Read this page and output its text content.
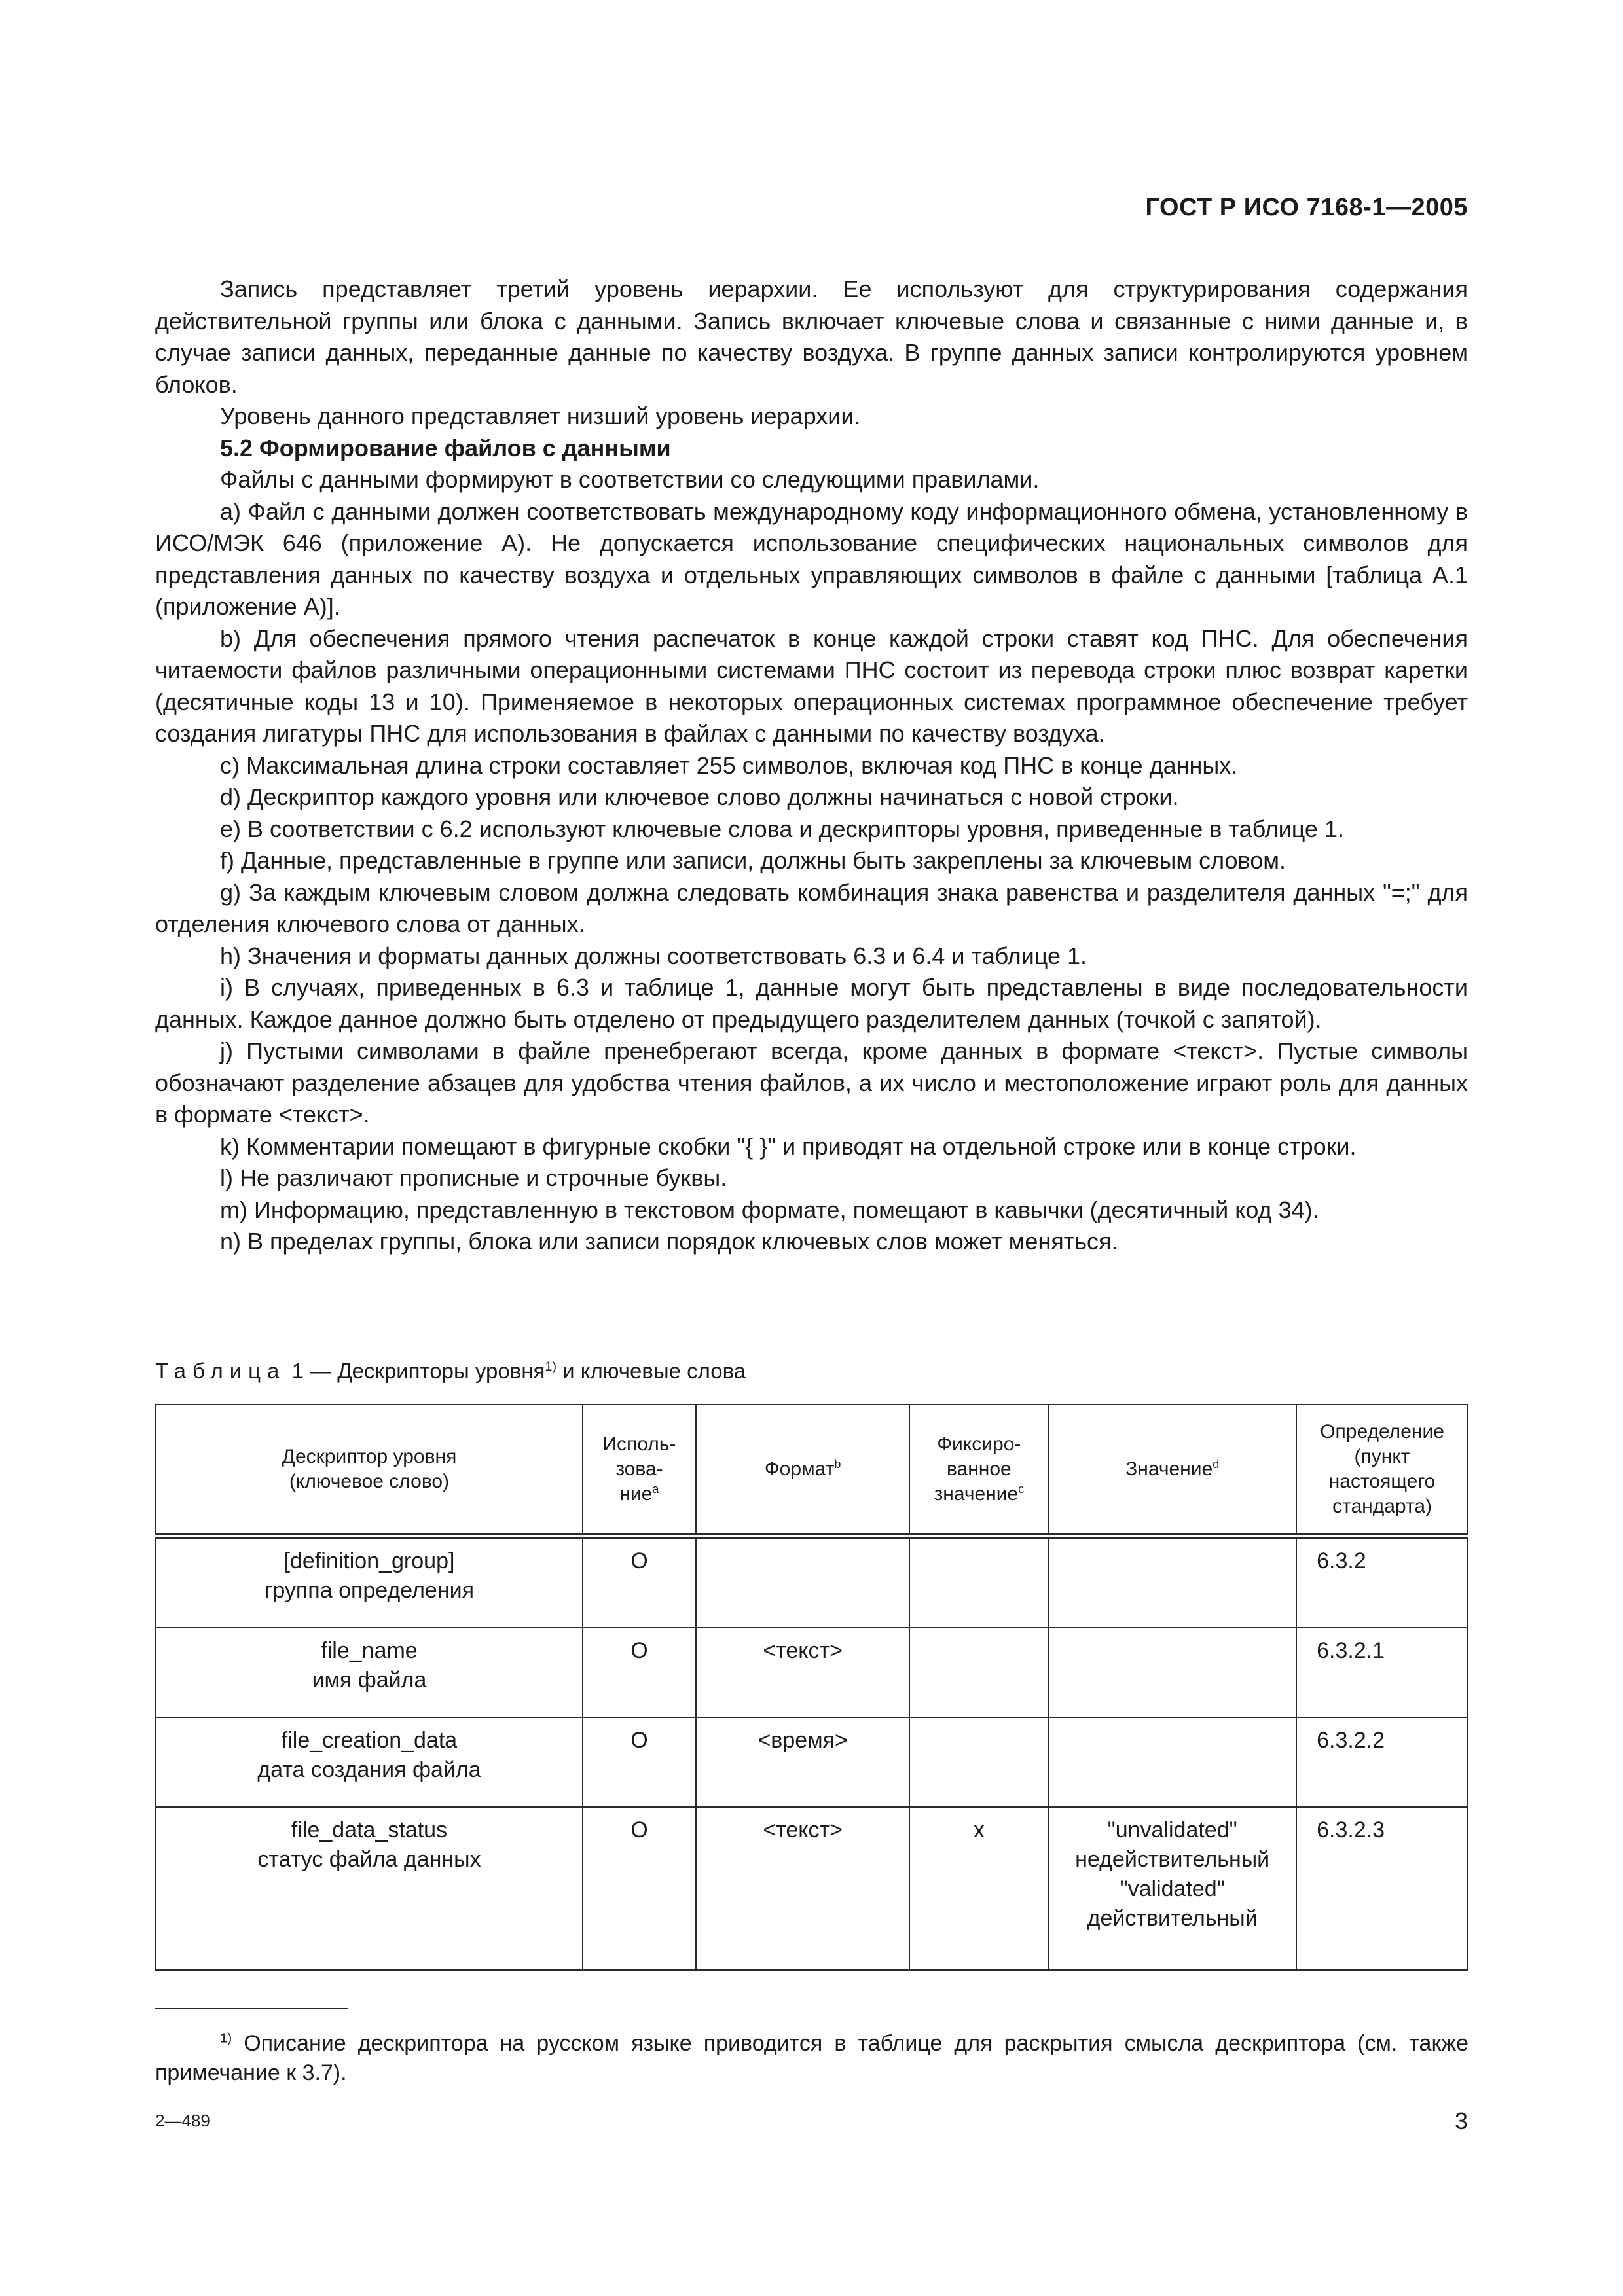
ГОСТ Р ИСО 7168-1—2005

Запись представляет третий уровень иерархии. Ее используют для структурирования содержания действительной группы или блока с данными. Запись включает ключевые слова и связанные с ними данные и, в случае записи данных, переданные данные по качеству воздуха. В группе данных записи контролируются уровнем блоков.

Уровень данного представляет низший уровень иерархии.

5.2 Формирование файлов с данными

Файлы с данными формируют в соответствии со следующими правилами.

a) Файл с данными должен соответствовать международному коду информационного обмена, установленному в ИСО/МЭК 646 (приложение А). Не допускается использование специфических национальных символов для представления данных по качеству воздуха и отдельных управляющих символов в файле с данными [таблица А.1 (приложение А)].

b) Для обеспечения прямого чтения распечаток в конце каждой строки ставят код ПНС. Для обеспечения читаемости файлов различными операционными системами ПНС состоит из перевода строки плюс возврат каретки (десятичные коды 13 и 10). Применяемое в некоторых операционных системах программное обеспечение требует создания лигатуры ПНС для использования в файлах с данными по качеству воздуха.

c) Максимальная длина строки составляет 255 символов, включая код ПНС в конце данных.

d) Дескриптор каждого уровня или ключевое слово должны начинаться с новой строки.

e) В соответствии с 6.2 используют ключевые слова и дескрипторы уровня, приведенные в таблице 1.

f) Данные, представленные в группе или записи, должны быть закреплены за ключевым словом.

g) За каждым ключевым словом должна следовать комбинация знака равенства и разделителя данных "=;" для отделения ключевого слова от данных.

h) Значения и форматы данных должны соответствовать 6.3 и 6.4 и таблице 1.

i) В случаях, приведенных в 6.3 и таблице 1, данные могут быть представлены в виде последовательности данных. Каждое данное должно быть отделено от предыдущего разделителем данных (точкой с запятой).

j) Пустыми символами в файле пренебрегают всегда, кроме данных в формате <текст>. Пустые символы обозначают разделение абзацев для удобства чтения файлов, а их число и местоположение играют роль для данных в формате <текст>.

k) Комментарии помещают в фигурные скобки "{ }" и приводят на отдельной строке или в конце строки.

l) Не различают прописные и строчные буквы.

m) Информацию, представленную в текстовом формате, помещают в кавычки (десятичный код 34).

n) В пределах группы, блока или записи порядок ключевых слов может меняться.

Таблица 1 — Дескрипторы уровня$^{1)}$ и ключевые слова
Дескриптор уровня
(ключевое слово)	Исполь-
зова-
ние$^a$	Формат$^b$	Фиксиро-
ванное
значение$^c$	Значение$^d$	Определение
(пункт
настоящего
стандарта)
[definition_group]
группа определения	O				6.3.2
file_name
имя файла	O	<текст>			6.3.2.1
file_creation_data
дата создания файла	O	<время>			6.3.2.2
file_data_status
статус файла данных	O	<текст>	x	"unvalidated"
недействительный
"validated"
действительный	6.3.2.3
$^{1)}$ Описание дескриптора на русском языке приводится в таблице для раскрытия смысла дескриптора (см. также примечание к 3.7).
2—489	3
